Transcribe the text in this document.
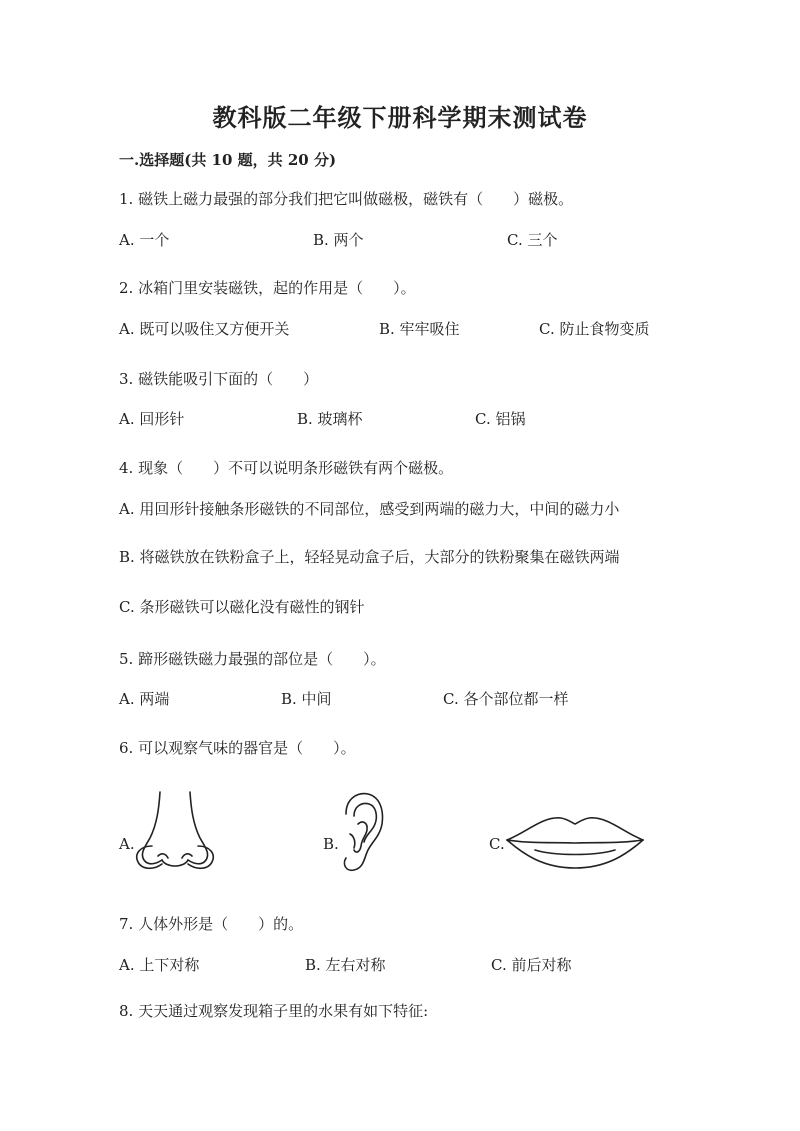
教科版二年级下册科学期末测试卷
一.选择题(共 10 题，共 20 分)
1. 磁铁上磁力最强的部分我们把它叫做磁极，磁铁有（　　）磁极。
A. 一个	B. 两个	C. 三个
2. 冰箱门里安装磁铁，起的作用是（　　）。
A. 既可以吸住又方便开关	B. 牢牢吸住	C. 防止食物变质
3. 磁铁能吸引下面的（　　）
A. 回形针	B. 玻璃杯	C. 铝锅
4. 现象（　　）不可以说明条形磁铁有两个磁极。
A. 用回形针接触条形磁铁的不同部位，感受到两端的磁力大，中间的磁力小
B. 将磁铁放在铁粉盒子上，轻轻晃动盒子后，大部分的铁粉聚集在磁铁两端
C. 条形磁铁可以磁化没有磁性的钢针
5. 蹄形磁铁磁力最强的部位是（　　）。
A. 两端	B. 中间	C. 各个部位都一样
6. 可以观察气味的器官是（　　）。
A.	B.	C.
7. 人体外形是（　　）的。
A. 上下对称	B. 左右对称	C. 前后对称
8. 天天通过观察发现箱子里的水果有如下特征:
